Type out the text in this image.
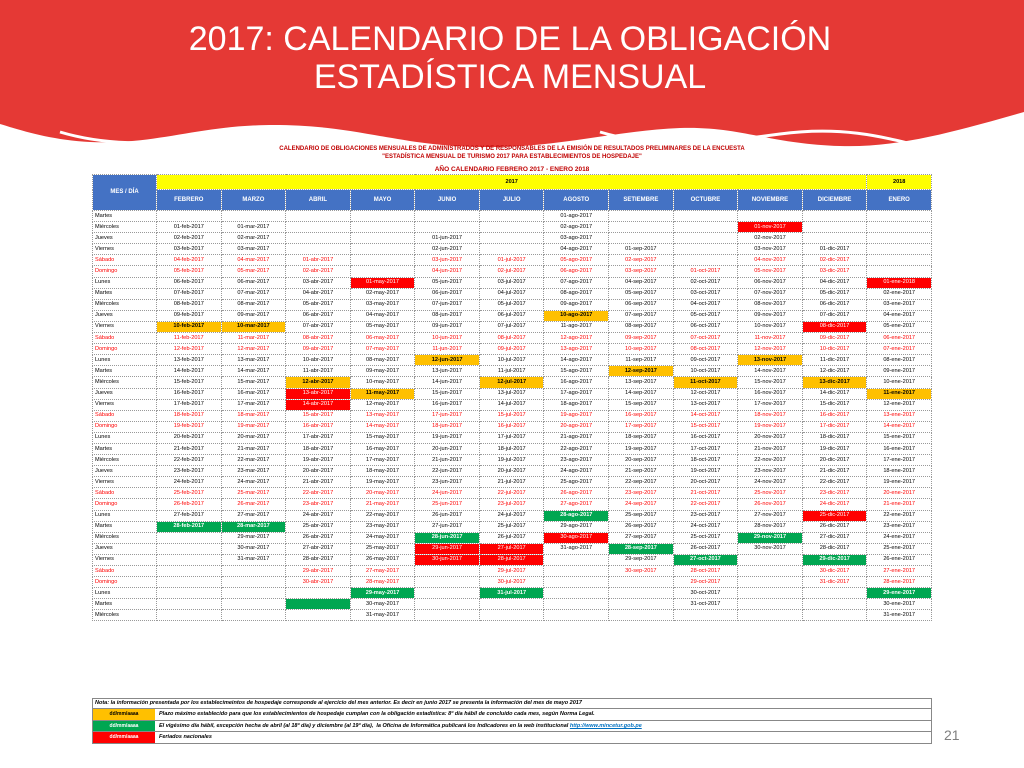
2017: CALENDARIO DE LA OBLIGACIÓN
ESTADÍSTICA MENSUAL
CALENDARIO DE OBLIGACIONES MENSUALES DE ADMINISTRADOS Y DE RESPONSABLES DE LA EMISIÓN DE RESULTADOS PRELIMINARES DE LA ENCUESTA
"ESTADÍSTICA MENSUAL DE TURISMO 2017 PARA ESTABLECIMIENTOS DE HOSPEDAJE"
AÑO CALENDARIO FEBRERO 2017 - ENERO 2018
MES / DÍA	2017											2018
	FEBRERO	MARZO	ABRIL	MAYO	JUNIO	JULIO	AGOSTO	SETIEMBRE	OCTUBRE	NOVIEMBRE	DICIEMBRE	ENERO
Martes							01-ago-2017					
Miércoles	01-feb-2017	01-mar-2017					02-ago-2017			01-nov-2017		
Jueves	02-feb-2017	02-mar-2017			01-jun-2017		03-ago-2017			02-nov-2017		
Viernes	03-feb-2017	03-mar-2017			02-jun-2017		04-ago-2017	01-sep-2017		03-nov-2017	01-dic-2017	
Sábado	04-feb-2017	04-mar-2017	01-abr-2017		03-jun-2017	01-jul-2017	05-ago-2017	02-sep-2017		04-nov-2017	02-dic-2017	
Domingo	05-feb-2017	05-mar-2017	02-abr-2017		04-jun-2017	02-jul-2017	06-ago-2017	03-sep-2017	01-oct-2017	05-nov-2017	03-dic-2017	
Lunes	06-feb-2017	06-mar-2017	03-abr-2017	01-may-2017	05-jun-2017	03-jul-2017	07-ago-2017	04-sep-2017	02-oct-2017	06-nov-2017	04-dic-2017	01-ene-2018
Martes	07-feb-2017	07-mar-2017	04-abr-2017	02-may-2017	06-jun-2017	04-jul-2017	08-ago-2017	05-sep-2017	03-oct-2017	07-nov-2017	05-dic-2017	02-ene-2017
Miércoles	08-feb-2017	08-mar-2017	05-abr-2017	03-may-2017	07-jun-2017	05-jul-2017	09-ago-2017	06-sep-2017	04-oct-2017	08-nov-2017	06-dic-2017	03-ene-2017
Jueves	09-feb-2017	09-mar-2017	06-abr-2017	04-may-2017	08-jun-2017	06-jul-2017	10-ago-2017	07-sep-2017	05-oct-2017	09-nov-2017	07-dic-2017	04-ene-2017
Viernes	10-feb-2017	10-mar-2017	07-abr-2017	05-may-2017	09-jun-2017	07-jul-2017	11-ago-2017	08-sep-2017	06-oct-2017	10-nov-2017	08-dic-2017	05-ene-2017
Sábado	11-feb-2017	11-mar-2017	08-abr-2017	06-may-2017	10-jun-2017	08-jul-2017	12-ago-2017	09-sep-2017	07-oct-2017	11-nov-2017	09-dic-2017	06-ene-2017
Domingo	12-feb-2017	12-mar-2017	09-abr-2017	07-may-2017	11-jun-2017	09-jul-2017	13-ago-2017	10-sep-2017	08-oct-2017	12-nov-2017	10-dic-2017	07-ene-2017
Lunes	13-feb-2017	13-mar-2017	10-abr-2017	08-may-2017	12-jun-2017	10-jul-2017	14-ago-2017	11-sep-2017	09-oct-2017	13-nov-2017	11-dic-2017	08-ene-2017
Martes	14-feb-2017	14-mar-2017	11-abr-2017	09-may-2017	13-jun-2017	11-jul-2017	15-ago-2017	12-sep-2017	10-oct-2017	14-nov-2017	12-dic-2017	09-ene-2017
Miércoles	15-feb-2017	15-mar-2017	12-abr-2017	10-may-2017	14-jun-2017	12-jul-2017	16-ago-2017	13-sep-2017	11-oct-2017	15-nov-2017	13-dic-2017	10-ene-2017
Jueves	16-feb-2017	16-mar-2017	13-abr-2017	11-may-2017	15-jun-2017	13-jul-2017	17-ago-2017	14-sep-2017	12-oct-2017	16-nov-2017	14-dic-2017	11-ene-2017
Viernes	17-feb-2017	17-mar-2017	14-abr-2017	12-may-2017	16-jun-2017	14-jul-2017	18-ago-2017	15-sep-2017	13-oct-2017	17-nov-2017	15-dic-2017	12-ene-2017
Sábado	18-feb-2017	18-mar-2017	15-abr-2017	13-may-2017	17-jun-2017	15-jul-2017	19-ago-2017	16-sep-2017	14-oct-2017	18-nov-2017	16-dic-2017	13-ene-2017
Domingo	19-feb-2017	19-mar-2017	16-abr-2017	14-may-2017	18-jun-2017	16-jul-2017	20-ago-2017	17-sep-2017	15-oct-2017	19-nov-2017	17-dic-2017	14-ene-2017
Lunes	20-feb-2017	20-mar-2017	17-abr-2017	15-may-2017	19-jun-2017	17-jul-2017	21-ago-2017	18-sep-2017	16-oct-2017	20-nov-2017	18-dic-2017	15-ene-2017
Martes	21-feb-2017	21-mar-2017	18-abr-2017	16-may-2017	20-jun-2017	18-jul-2017	22-ago-2017	19-sep-2017	17-oct-2017	21-nov-2017	19-dic-2017	16-ene-2017
Miércoles	22-feb-2017	22-mar-2017	19-abr-2017	17-may-2017	21-jun-2017	19-jul-2017	23-ago-2017	20-sep-2017	18-oct-2017	22-nov-2017	20-dic-2017	17-ene-2017
Jueves	23-feb-2017	23-mar-2017	20-abr-2017	18-may-2017	22-jun-2017	20-jul-2017	24-ago-2017	21-sep-2017	19-oct-2017	23-nov-2017	21-dic-2017	18-ene-2017
Viernes	24-feb-2017	24-mar-2017	21-abr-2017	19-may-2017	23-jun-2017	21-jul-2017	25-ago-2017	22-sep-2017	20-oct-2017	24-nov-2017	22-dic-2017	19-ene-2017
Sábado	25-feb-2017	25-mar-2017	22-abr-2017	20-may-2017	24-jun-2017	22-jul-2017	26-ago-2017	23-sep-2017	21-oct-2017	25-nov-2017	23-dic-2017	20-ene-2017
Domingo	26-feb-2017	26-mar-2017	23-abr-2017	21-may-2017	25-jun-2017	23-jul-2017	27-ago-2017	24-sep-2017	22-oct-2017	26-nov-2017	24-dic-2017	21-ene-2017
Lunes	27-feb-2017	27-mar-2017	24-abr-2017	22-may-2017	26-jun-2017	24-jul-2017	28-ago-2017	25-sep-2017	23-oct-2017	27-nov-2017	25-dic-2017	22-ene-2017
Martes	28-feb-2017	28-mar-2017	25-abr-2017	23-may-2017	27-jun-2017	25-jul-2017	29-ago-2017	26-sep-2017	24-oct-2017	28-nov-2017	26-dic-2017	23-ene-2017
Miércoles		29-mar-2017	26-abr-2017	24-may-2017	28-jun-2017	26-jul-2017	30-ago-2017	27-sep-2017	25-oct-2017	29-nov-2017	27-dic-2017	24-ene-2017
Jueves		30-mar-2017	27-abr-2017	25-may-2017	29-jun-2017	27-jul-2017	31-ago-2017	28-sep-2017	26-oct-2017	30-nov-2017	28-dic-2017	25-ene-2017
Viernes		31-mar-2017	28-abr-2017	26-may-2017	30-jun-2017	28-jul-2017		29-sep-2017	27-oct-2017		29-dic-2017	26-ene-2017
Sábado			29-abr-2017	27-may-2017		29-jul-2017		30-sep-2017	28-oct-2017		30-dic-2017	27-ene-2017
Domingo			30-abr-2017	28-may-2017		30-jul-2017			29-oct-2017		31-dic-2017	28-ene-2017
Lunes				29-may-2017		31-jul-2017			30-oct-2017			29-ene-2017
Martes				30-may-2017					31-oct-2017			30-ene-2017
Miércoles				31-may-2017								31-ene-2017
Nota: la información presentada por los establecimeintos de hospedaje corresponde al ejercicio del mes anterior. Es decir en junio 2017 se presenta la información del mes de mayo 2017
dd/mm/aaaa	Plazo máximo establecido para que los establecimientos de hospedaje cumplan con la obligación estadística: 8º día hábil de concluido cada mes, según Norma Legal.
dd/mm/aaaa	El vigésimo día hábil, excepción hecha de abril (al 18º día) y diciembre (al 19º día),  la Oficina de Informática publicará los Indicadores en la web institucional http://www.mincetur.gob.pe
dd/mm/aaaa	Feriados nacionales	21
